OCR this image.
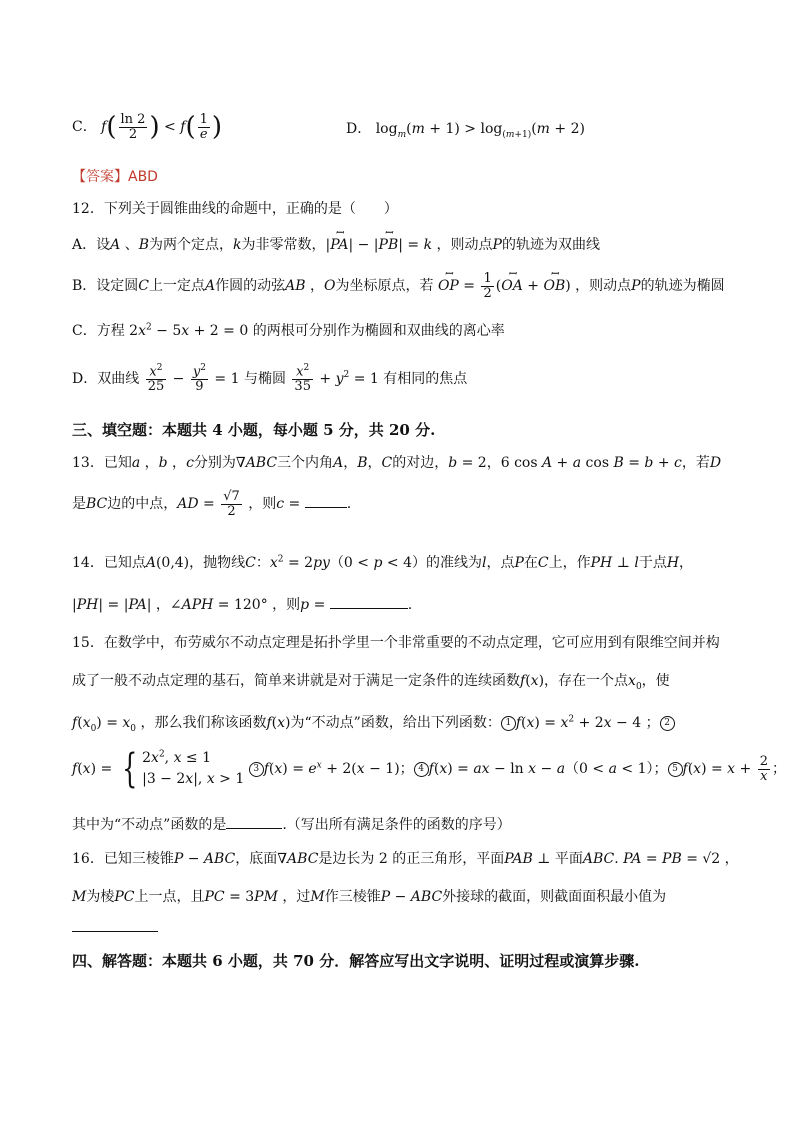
C． $f( \frac{\ln 2}{2}$ ) < $f( \frac{1}{e}$ )	D． $\log_m(m + 1) > \log_{(m+1)}(m + 2)$
【答案】ABD
12．下列关于圆锥曲线的命题中，正确的是（　　）
A．设A 、B为两个定点，k为非零常数，|ꟷ PA| − |ꟷ PB| = k ，则动点P的轨迹为双曲线
B．设定圆C上一定点A作圆的动弦AB ，O为坐标原点，若 ꟷ OP = $\frac{1}{2}$ (ꟷ OA + ꟷ OB) ，则动点P的轨迹为椭圆
C．方程 $2x^2 - 5x + 2 = 0$ 的两根可分别作为椭圆和双曲线的离心率
D．双曲线 $\frac{x^2}{25} - \frac{y^2}{9} = 1$ 与椭圆 $\frac{x^2}{35} + y^2 = 1$ 有相同的焦点
三、填空题：本题共 4 小题，每小题 5 分，共 20 分.
13．已知a ，b ，c分别为∇ABC三个内角A，B，C的对边，b = 2，6 cos A + a cos B = b + c，若D
是BC边的中点，AD = $\frac{√7}{2}$ ，则c =	.
14．已知点A(0,4)，抛物线C：$x^2 = 2py(0 < p < 4)$的准线为l，点P在C上，作PH ⊥ l于点H，
|PH| = |PA| ，∠APH = 120° ，则p =	.
15．在数学中，布劳威尔不动点定理是拓扑学里一个非常重要的不动点定理，它可应用到有限维空间并构
成了一般不动点定理的基石，简单来讲就是对于满足一定条件的连续函数f(x)，存在一个点$x_0$，使
$f(x_0) = x_0$ ，那么我们称该函数f(x)为“不动点”函数，给出下列函数： 1 $f(x) = x^2 + 2x - 4$ ； 2
f(x) = { $2x^2$, x ≤ 1
|3 − 2x|, x > 1
3 $f(x) = e^x + 2(x - 1)$； 4 f(x) = ax − ln x − a（0 < a < 1）； 5 $f(x) = x + \frac{2}{x}$ ；
其中为“不动点”函数的是	.（写出所有满足条件的函数的序号）
16．已知三棱锥P − ABC，底面∇ABC是边长为 2 的正三角形，平面PAB ⊥ 平面ABC. PA = PB = √2 ，
M为棱PC上一点，且PC = 3PM ，过M作三棱锥P − ABC外接球的截面，则截面面积最小值为
四、解答题：本题共 6 小题，共 70 分．解答应写出文字说明、证明过程或演算步骤.
